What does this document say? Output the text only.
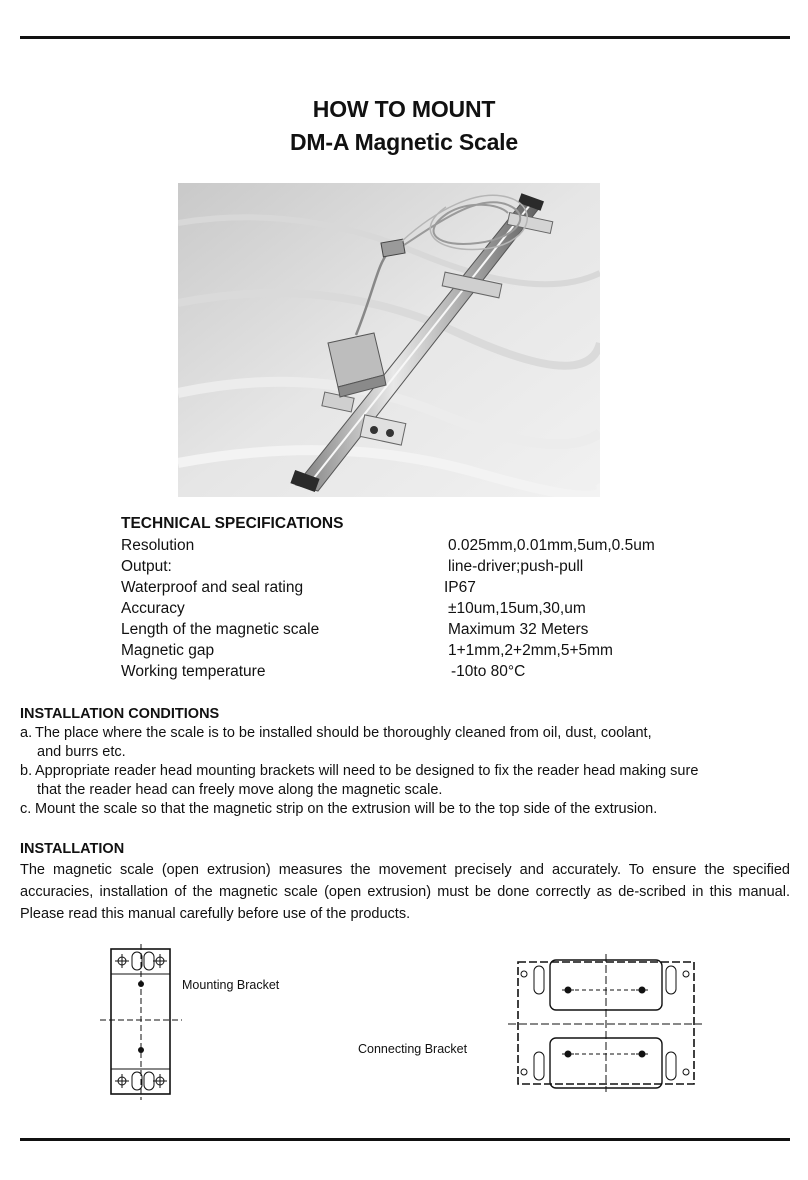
HOW TO MOUNT
DM-A Magnetic Scale
TECHNICAL SPECIFICATIONS
Resolution	0.025mm,0.01mm,5um,0.5um
Output:	line-driver;push-pull
Waterproof and seal rating	IP67
Accuracy	±10um,15um,30,um
Length of the magnetic scale	Maximum 32 Meters
Magnetic gap	1+1mm,2+2mm,5+5mm
Working temperature	-10to 80°C
INSTALLATION CONDITIONS
a. The place where the scale is to be installed should be thoroughly cleaned from oil, dust, coolant,
and burrs etc.
b. Appropriate reader head mounting brackets will need to be designed to fix the reader head making sure
that the reader head can freely move along the magnetic scale.
c. Mount the scale so that the magnetic strip on the extrusion will be to the top side of the extrusion.
INSTALLATION
The magnetic scale (open extrusion) measures the movement precisely and accurately. To ensure the specified accuracies, installation of the magnetic scale (open extrusion) must be done correctly as de-scribed in this manual. Please read this manual carefully before use of the products.
Mounting Bracket
Connecting Bracket
